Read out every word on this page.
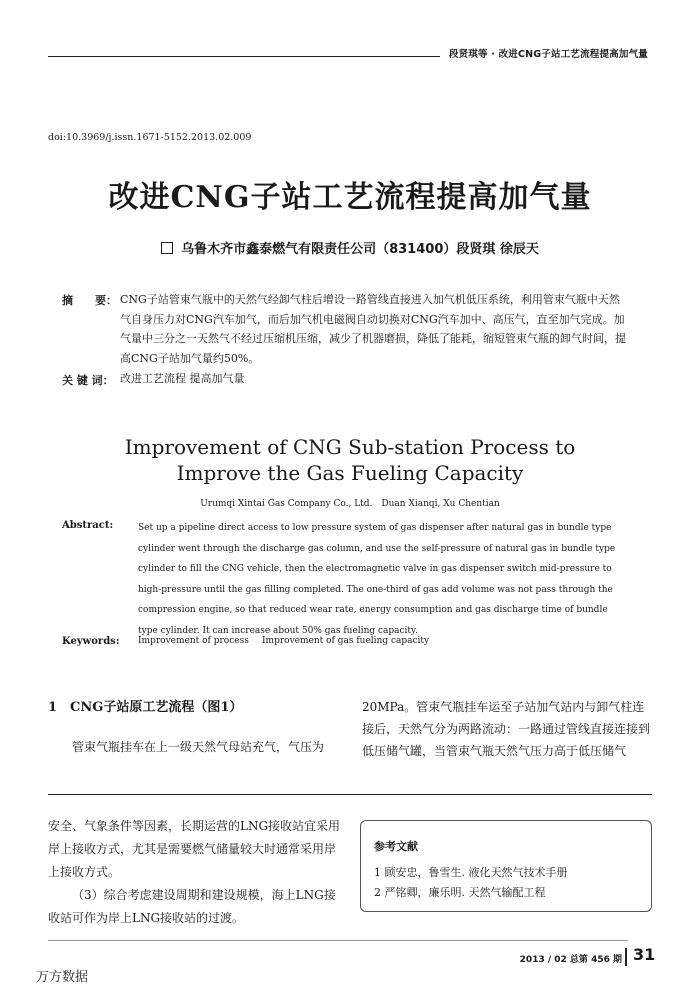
段贤琪等 · 改进CNG子站工艺流程提高加气量
doi:10.3969/j.issn.1671-5152.2013.02.009
改进CNG子站工艺流程提高加气量
乌鲁木齐市鑫泰燃气有限责任公司（831400）段贤琪 徐辰天
摘　　要： CNG子站管束气瓶中的天然气经卸气柱后增设一路管线直接进入加气机低压系统，利用管束气瓶中天然气自身压力对CNG汽车加气，而后加气机电磁阀自动切换对CNG汽车加中、高压气，直至加气完成。加气量中三分之一天然气不经过压缩机压缩，减少了机器磨损，降低了能耗，缩短管束气瓶的卸气时间，提高CNG子站加气量约50%。
关 键 词： 改进工艺流程 提高加气量
Improvement of CNG Sub-station Process to
Improve the Gas Fueling Capacity
Urumqi Xintai Gas Company Co., Ltd.　Duan Xianqi, Xu Chentian
Abstract:	Set up a pipeline direct access to low pressure system of gas dispenser after natural gas in bundle type cylinder went through the discharge gas column, and use the self-pressure of natural gas in bundle type cylinder to fill the CNG vehicle, then the electromagnetic valve in gas dispenser switch mid-pressure to high-pressure until the gas filling completed. The one-third of gas add volume was not pass through the compression engine, so that reduced wear rate, energy consumption and gas discharge time of bundle type cylinder. It can increase about 50% gas fueling capacity.
Keywords: Improvement of process Improvement of gas fueling capacity
1　CNG子站原工艺流程（图1）
管束气瓶挂车在上一级天然气母站充气，气压为
20MPa。管束气瓶挂车运至子站加气站内与卸气柱连接后，天然气分为两路流动：一路通过管线直接连接到低压储气罐，当管束气瓶天然气压力高于低压储气
安全、气象条件等因素，长期运营的LNG接收站宜采用岸上接收方式，尤其是需要燃气储量较大时通常采用岸上接收方式。
（3）综合考虑建设周期和建设规模，海上LNG接收站可作为岸上LNG接收站的过渡。
参考文献
1 顾安忠，鲁雪生. 液化天然气技术手册
2 严铭卿，廉乐明. 天然气输配工程
2013 / 02 总第 456 期 31
万方数据
